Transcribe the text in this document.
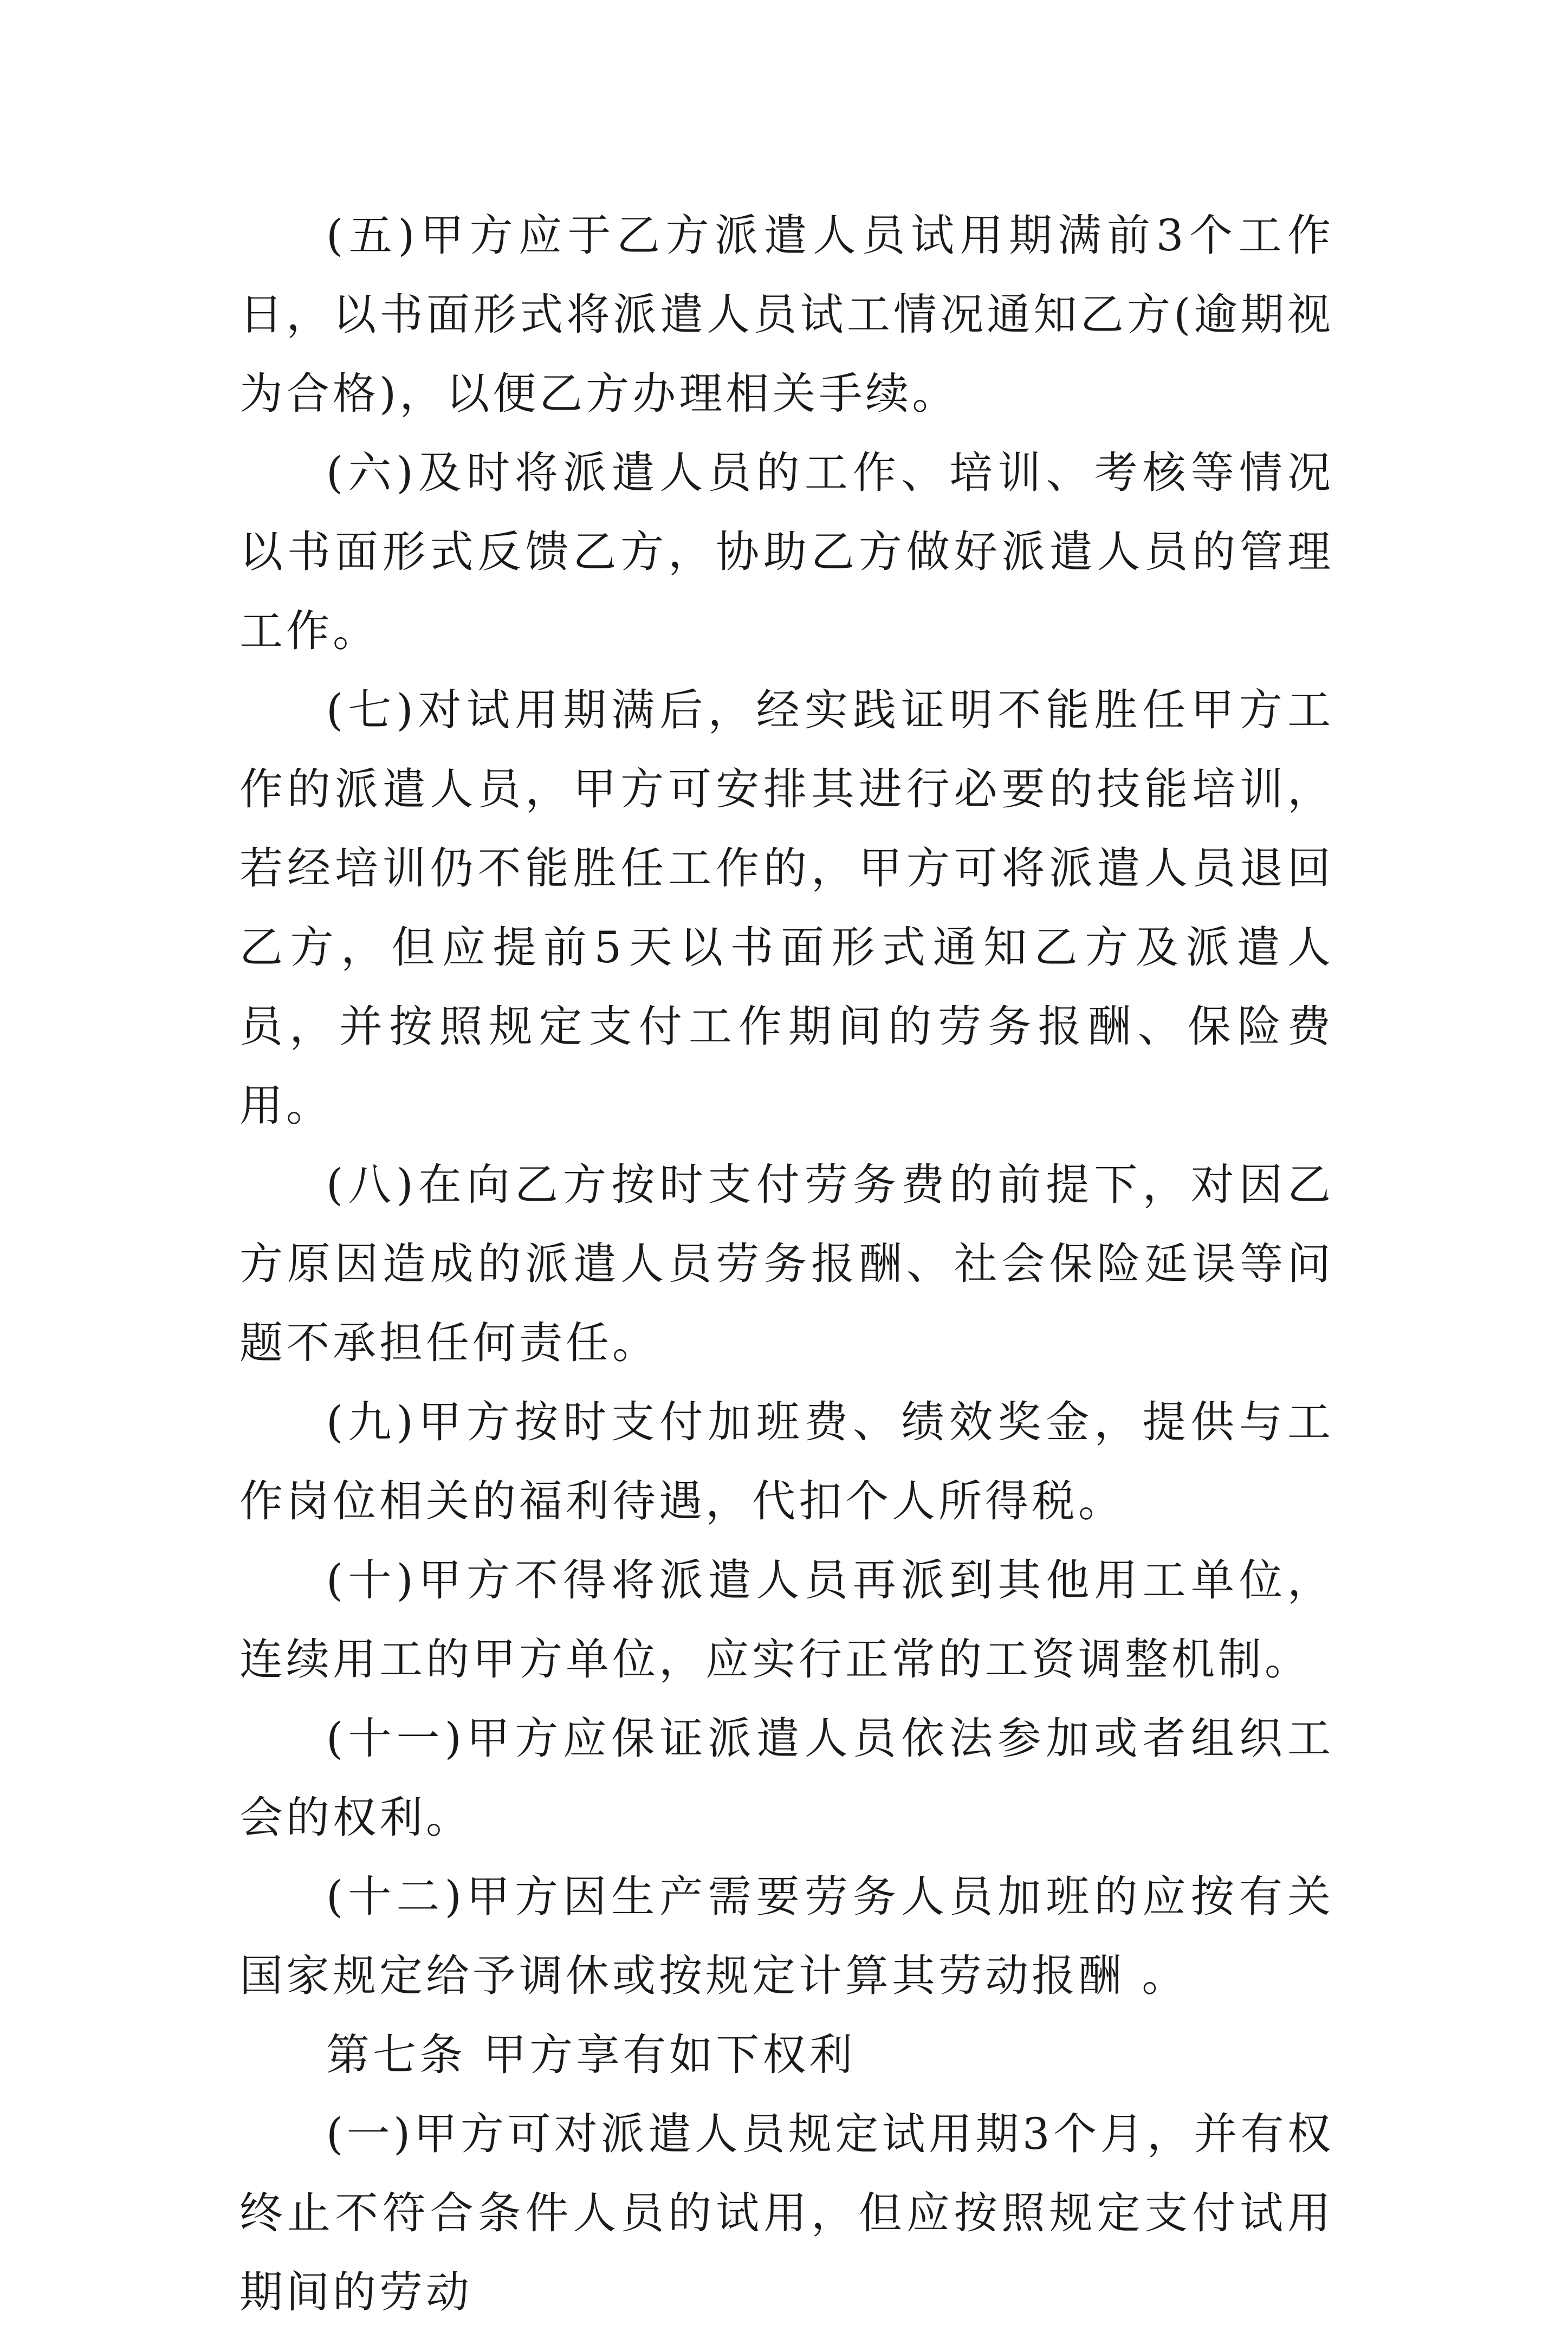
(五)甲方应于乙方派遣人员试用期满前3个工作日，以书面形式将派遣人员试工情况通知乙方(逾期视为合格)，以便乙方办理相关手续。

(六)及时将派遣人员的工作、培训、考核等情况以书面形式反馈乙方，协助乙方做好派遣人员的管理工作。

(七)对试用期满后，经实践证明不能胜任甲方工作的派遣人员，甲方可安排其进行必要的技能培训，若经培训仍不能胜任工作的，甲方可将派遣人员退回乙方，但应提前5天以书面形式通知乙方及派遣人员，并按照规定支付工作期间的劳务报酬、保险费用。

(八)在向乙方按时支付劳务费的前提下，对因乙方原因造成的派遣人员劳务报酬、社会保险延误等问题不承担任何责任。

(九)甲方按时支付加班费、绩效奖金，提供与工作岗位相关的福利待遇，代扣个人所得税。

(十)甲方不得将派遣人员再派到其他用工单位，连续用工的甲方单位，应实行正常的工资调整机制。

(十一)甲方应保证派遣人员依法参加或者组织工会的权利。

(十二)甲方因生产需要劳务人员加班的应按有关国家规定给予调休或按规定计算其劳动报酬 。

第七条 甲方享有如下权利

(一)甲方可对派遣人员规定试用期3个月，并有权终止不符合条件人员的试用，但应按照规定支付试用期间的劳动
